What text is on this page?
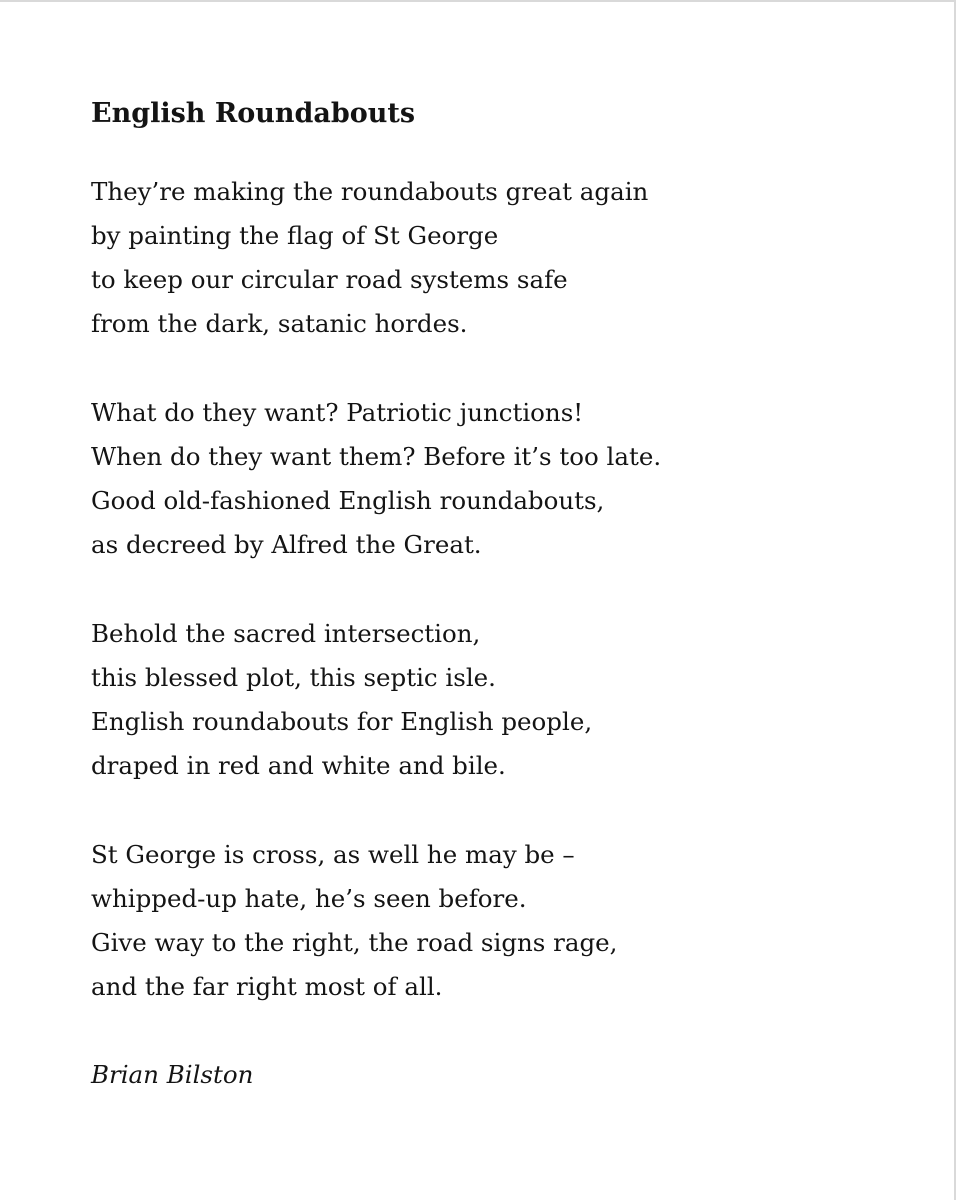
English Roundabouts
They’re making the roundabouts great again
by painting the flag of St George
to keep our circular road systems safe
from the dark, satanic hordes.
What do they want? Patriotic junctions!
When do they want them? Before it’s too late.
Good old-fashioned English roundabouts,
as decreed by Alfred the Great.
Behold the sacred intersection,
this blessed plot, this septic isle.
English roundabouts for English people,
draped in red and white and bile.
St George is cross, as well he may be –
whipped-up hate, he’s seen before.
Give way to the right, the road signs rage,
and the far right most of all.

Brian Bilston
